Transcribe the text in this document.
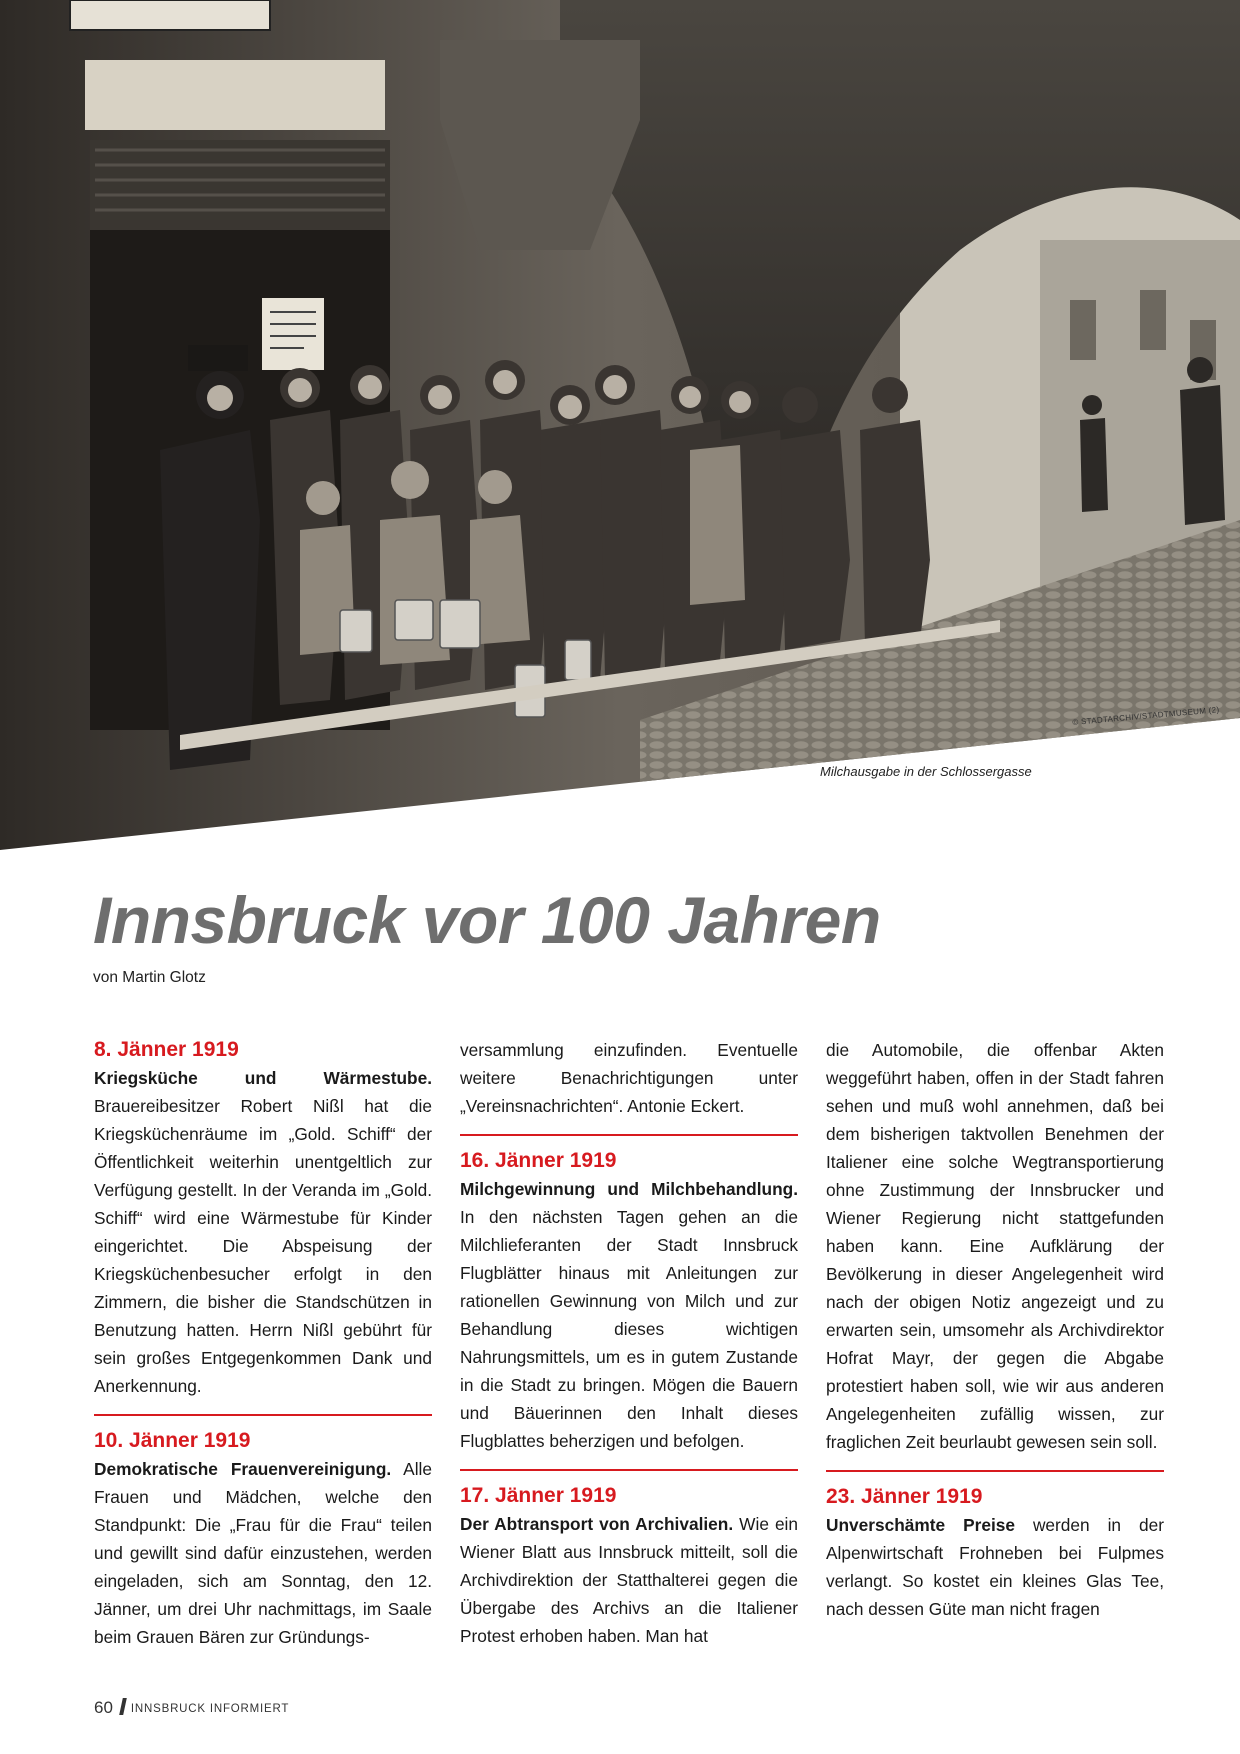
© STADTARCHIV/STADTMUSEUM (2)
Milchausgabe in der Schlossergasse
Innsbruck vor 100 Jahren
von Martin Glotz
8. Jänner 1919

Kriegsküche und Wärmestube. Brauereibesitzer Robert Nißl hat die Kriegsküchenräume im „Gold. Schiff“ der Öffentlichkeit weiterhin unentgeltlich zur Verfügung gestellt. In der Veranda im „Gold. Schiff“ wird eine Wärmestube für Kinder eingerichtet. Die Abspeisung der Kriegsküchenbesucher erfolgt in den Zimmern, die bisher die Standschützen in Benutzung hatten. Herrn Nißl gebührt für sein großes Entgegenkommen Dank und Anerkennung.

10. Jänner 1919

Demokratische Frauenvereinigung. Alle Frauen und Mädchen, welche den Standpunkt: Die „Frau für die Frau“ teilen und gewillt sind dafür einzustehen, werden eingeladen, sich am Sonntag, den 12. Jänner, um drei Uhr nachmittags, im Saale beim Grauen Bären zur Gründungs-

versammlung einzufinden. Eventuelle weitere Benachrichtigungen unter „Vereinsnachrichten“. Antonie Eckert.

16. Jänner 1919

Milchgewinnung und Milchbehandlung. In den nächsten Tagen gehen an die Milchlieferanten der Stadt Innsbruck Flugblätter hinaus mit Anleitungen zur rationellen Gewinnung von Milch und zur Behandlung dieses wichtigen Nahrungsmittels, um es in gutem Zustande in die Stadt zu bringen. Mögen die Bauern und Bäuerinnen den Inhalt dieses Flugblattes beherzigen und befolgen.

17. Jänner 1919

Der Abtransport von Archivalien. Wie ein Wiener Blatt aus Innsbruck mitteilt, soll die Archivdirektion der Statthalterei gegen die Übergabe des Archivs an die Italiener Protest erhoben haben. Man hat

die Automobile, die offenbar Akten weggeführt haben, offen in der Stadt fahren sehen und muß wohl annehmen, daß bei dem bisherigen taktvollen Benehmen der Italiener eine solche Wegtransportierung ohne Zustimmung der Innsbrucker und Wiener Regierung nicht stattgefunden haben kann. Eine Aufklärung der Bevölkerung in dieser Angelegenheit wird nach der obigen Notiz angezeigt und zu erwarten sein, umsomehr als Archivdirektor Hofrat Mayr, der gegen die Abgabe protestiert haben soll, wie wir aus anderen Angelegenheiten zufällig wissen, zur fraglichen Zeit beurlaubt gewesen sein soll.

23. Jänner 1919

Unverschämte Preise werden in der Alpenwirtschaft Frohneben bei Fulpmes verlangt. So kostet ein kleines Glas Tee, nach dessen Güte man nicht fragen

60 INNSBRUCK INFORMIERT
